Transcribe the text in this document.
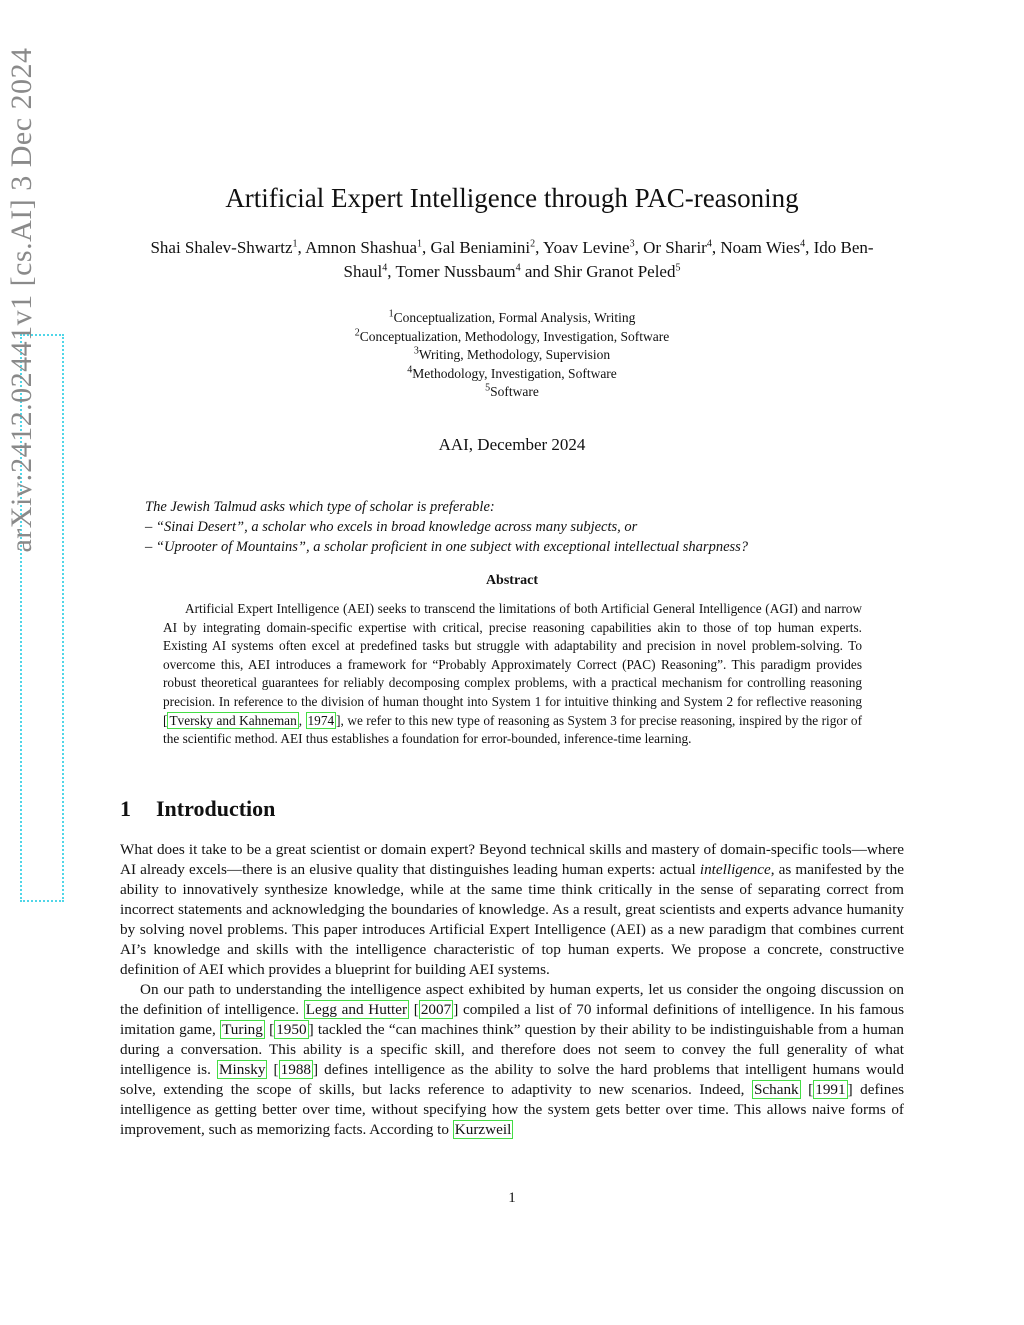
arXiv:2412.02441v1 [cs.AI] 3 Dec 2024	Artificial Expert Intelligence through PAC-reasoning
Shai Shalev-Shwartz$^1$, Amnon Shashua$^1$, Gal Beniamini$^2$, Yoav Levine$^3$, Or Sharir$^4$, Noam Wies$^4$, Ido Ben-Shaul$^4$, Tomer Nussbaum$^4$ and Shir Granot Peled$^5$
$^1$Conceptualization, Formal Analysis, Writing
$^2$Conceptualization, Methodology, Investigation, Software
$^3$Writing, Methodology, Supervision
$^4$Methodology, Investigation, Software
$^5$Software
AAI, December 2024
The Jewish Talmud asks which type of scholar is preferable:
– “Sinai Desert”, a scholar who excels in broad knowledge across many subjects, or
– “Uprooter of Mountains”, a scholar proficient in one subject with exceptional intellectual sharpness?
Abstract
Artificial Expert Intelligence (AEI) seeks to transcend the limitations of both Artificial General Intelligence (AGI) and narrow AI by integrating domain-specific expertise with critical, precise reasoning capabilities akin to those of top human experts. Existing AI systems often excel at predefined tasks but struggle with adaptability and precision in novel problem-solving. To overcome this, AEI introduces a framework for “Probably Approximately Correct (PAC) Reasoning”. This paradigm provides robust theoretical guarantees for reliably decomposing complex problems, with a practical mechanism for controlling reasoning precision. In reference to the division of human thought into System 1 for intuitive thinking and System 2 for reflective reasoning [ Tversky and Kahneman , 1974 ], we refer to this new type of reasoning as System 3 for precise reasoning, inspired by the rigor of the scientific method. AEI thus establishes a foundation for error-bounded, inference-time learning.
1 Introduction

What does it take to be a great scientist or domain expert? Beyond technical skills and mastery of domain-specific tools—where AI already excels—there is an elusive quality that distinguishes leading human experts: actual intelligence, as manifested by the ability to innovatively synthesize knowledge, while at the same time think critically in the sense of separating correct from incorrect statements and acknowledging the boundaries of knowledge. As a result, great scientists and experts advance humanity by solving novel problems. This paper introduces Artificial Expert Intelligence (AEI) as a new paradigm that combines current AI’s knowledge and skills with the intelligence characteristic of top human experts. We propose a concrete, constructive definition of AEI which provides a blueprint for building AEI systems.

On our path to understanding the intelligence aspect exhibited by human experts, let us consider the ongoing discussion on the definition of intelligence. Legg and Hutter [ 2007 ] compiled a list of 70 informal definitions of intelligence. In his famous imitation game, Turing [ 1950 ] tackled the “can machines think” question by their ability to be indistinguishable from a human during a conversation. This ability is a specific skill, and therefore does not seem to convey the full generality of what intelligence is. Minsky [ 1988 ] defines intelligence as the ability to solve the hard problems that intelligent humans would solve, extending the scope of skills, but lacks reference to adaptivity to new scenarios. Indeed, Schank [ 1991 ] defines intelligence as getting better over time, without specifying how the system gets better over time. This allows naive forms of improvement, such as memorizing facts. According to Kurzweil

1
